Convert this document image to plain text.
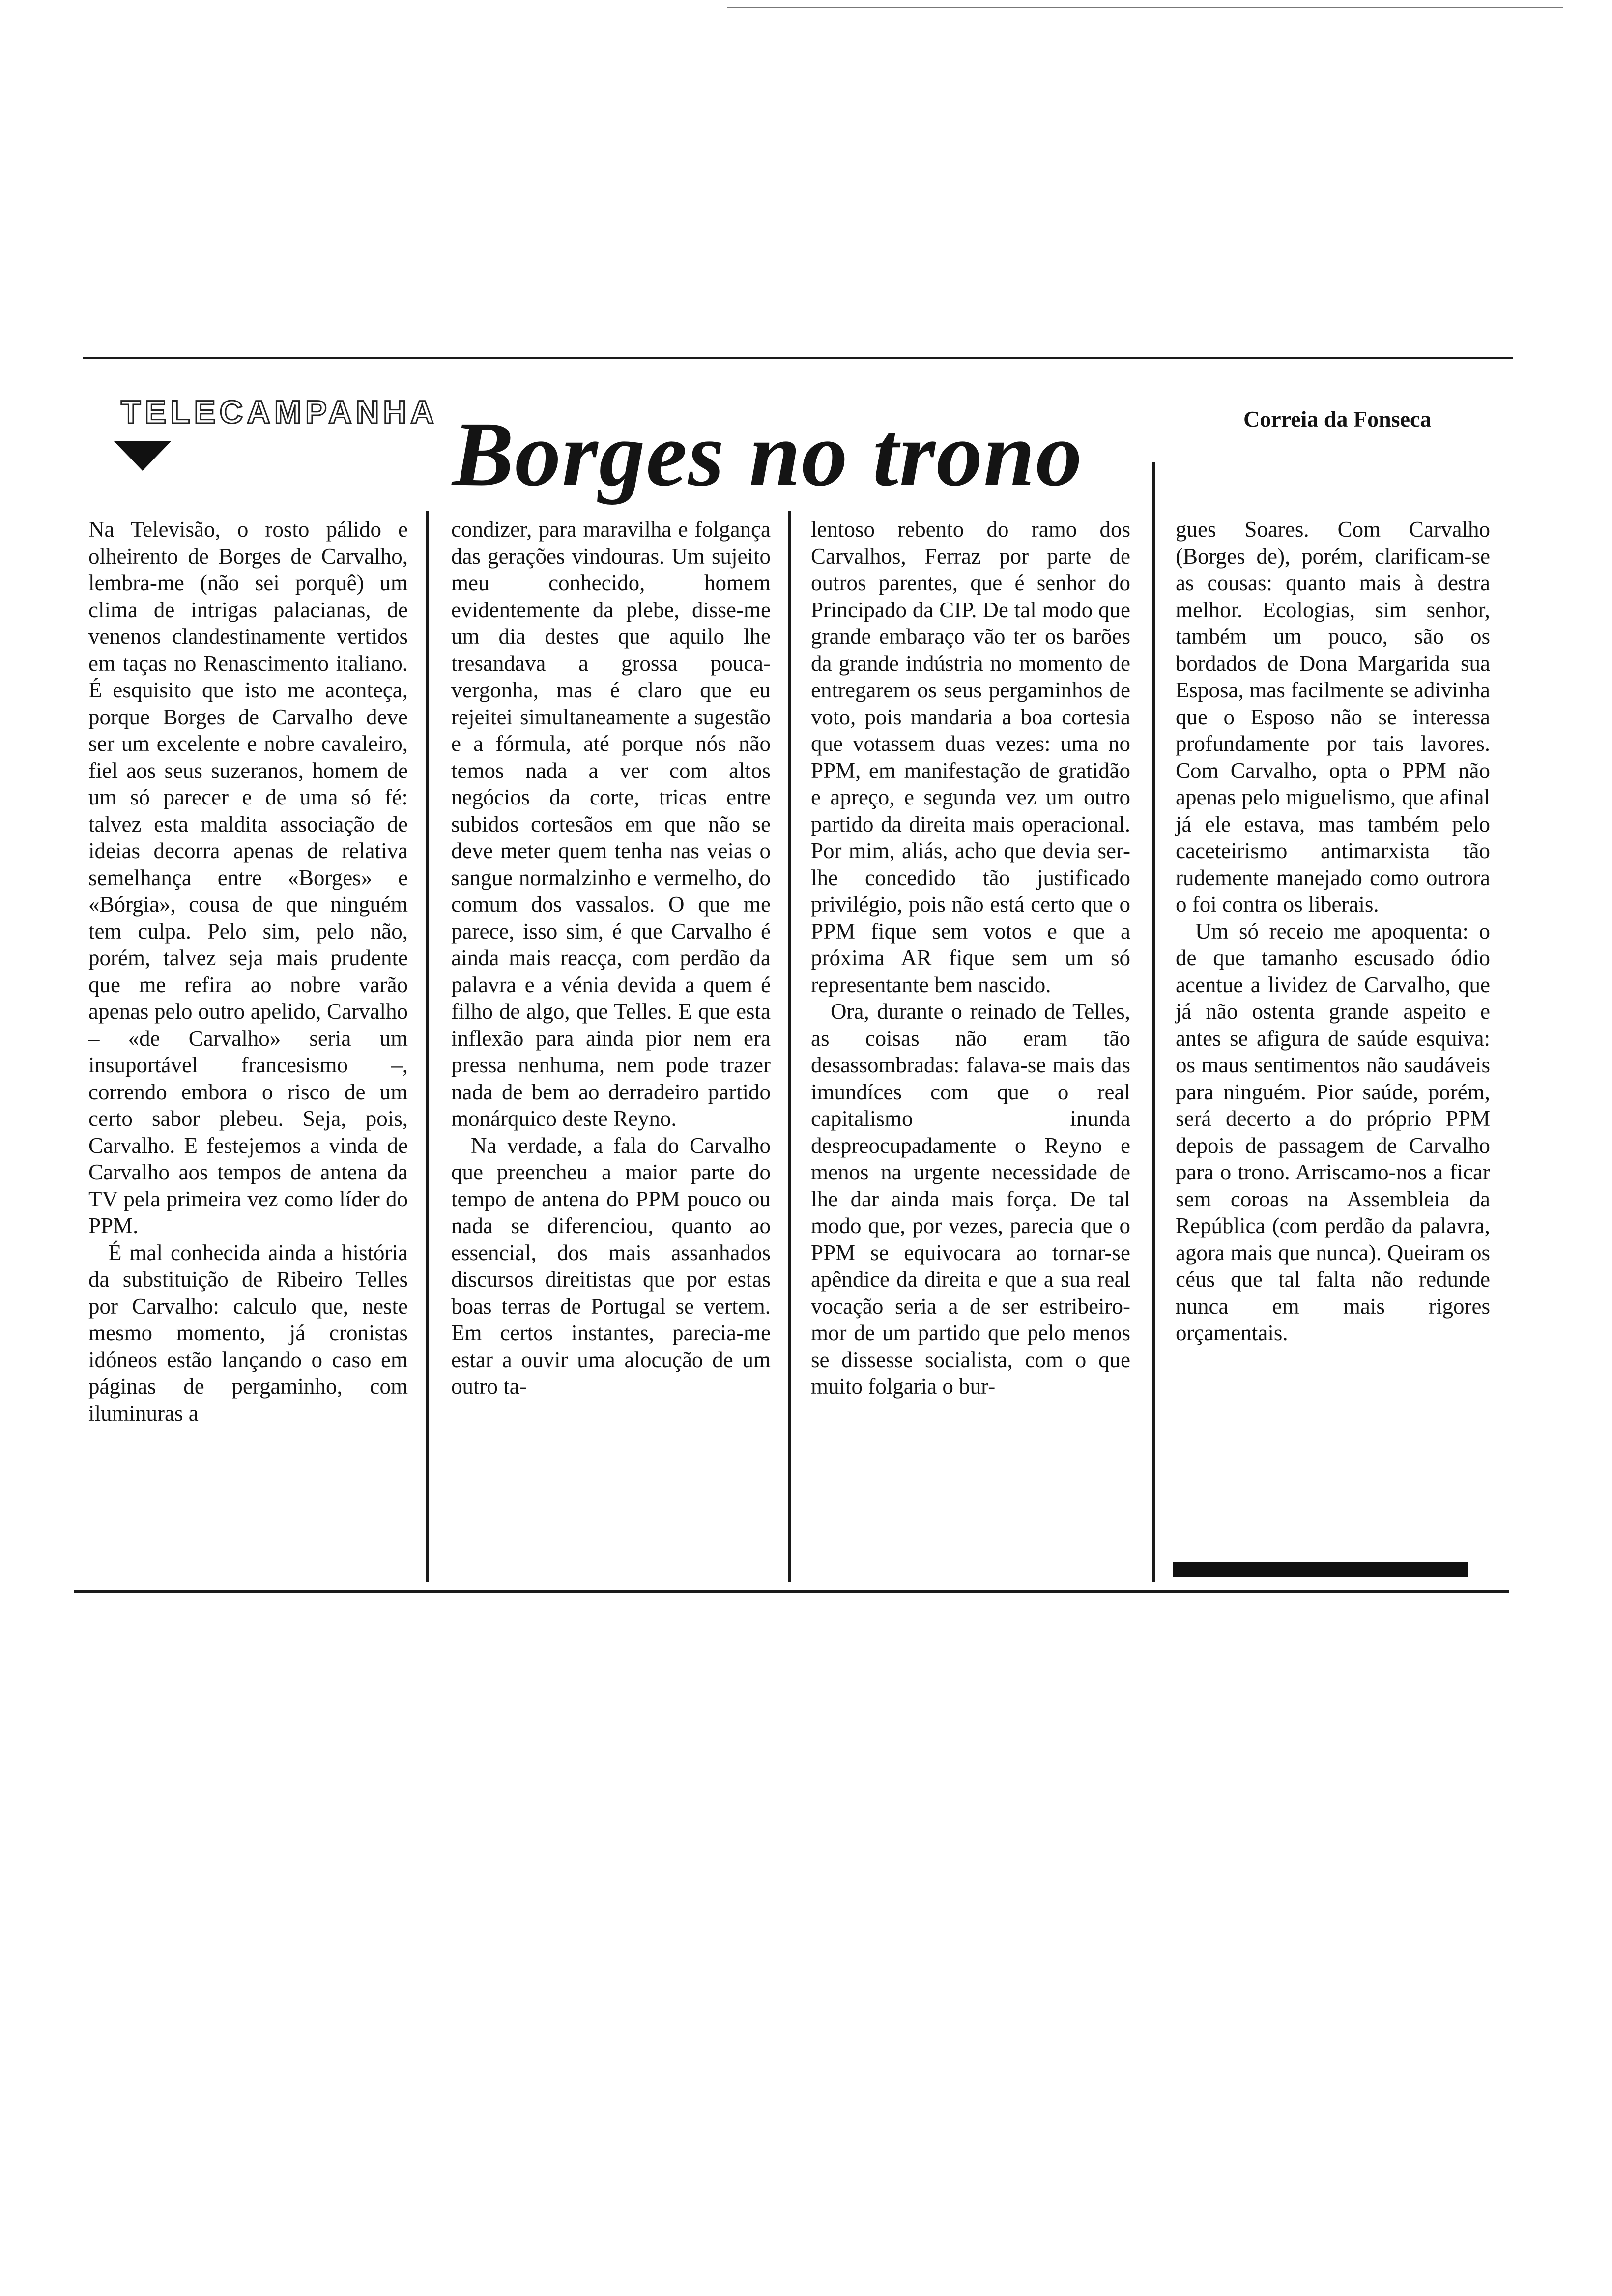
TELECAMPANHA Borges no trono	Correia da Fonseca

Na Televisão, o rosto pálido e olheirento de Borges de Carvalho, lembra-me (não sei porquê) um clima de intrigas palacianas, de venenos clandestinamente vertidos em taças no Renascimento italiano. É esquisito que isto me aconteça, porque Borges de Carvalho deve ser um excelente e nobre cavaleiro, fiel aos seus suzeranos, homem de um só parecer e de uma só fé: talvez esta maldita associação de ideias decorra apenas de relativa semelhança entre «Borges» e «Bórgia», cousa de que ninguém tem culpa. Pelo sim, pelo não, porém, talvez seja mais prudente que me refira ao nobre varão apenas pelo outro apelido, Carvalho – «de Carvalho» seria um insuportável francesismo –, correndo embora o risco de um certo sabor plebeu. Seja, pois, Carvalho. E festejemos a vinda de Carvalho aos tempos de antena da TV pela primeira vez como líder do PPM.

É mal conhecida ainda a história da substituição de Ribeiro Telles por Carvalho: calculo que, neste mesmo momento, já cronistas idóneos estão lançando o caso em páginas de pergaminho, com iluminuras a

condizer, para maravilha e folgança das gerações vindouras. Um sujeito meu conhecido, homem evidentemente da plebe, disse-me um dia destes que aquilo lhe tresandava a grossa pouca-vergonha, mas é claro que eu rejeitei simultaneamente a sugestão e a fórmula, até porque nós não temos nada a ver com altos negócios da corte, tricas entre subidos cortesãos em que não se deve meter quem tenha nas veias o sangue normalzinho e vermelho, do comum dos vassalos. O que me parece, isso sim, é que Carvalho é ainda mais reacça, com perdão da palavra e a vénia devida a quem é filho de algo, que Telles. E que esta inflexão para ainda pior nem era pressa nenhuma, nem pode trazer nada de bem ao derradeiro partido monárquico deste Reyno.

Na verdade, a fala do Carvalho que preencheu a maior parte do tempo de antena do PPM pouco ou nada se diferenciou, quanto ao essencial, dos mais assanhados discursos direitistas que por estas boas terras de Portugal se vertem. Em certos instantes, parecia-me estar a ouvir uma alocução de um outro ta-

lentoso rebento do ramo dos Carvalhos, Ferraz por parte de outros parentes, que é senhor do Principado da CIP. De tal modo que grande embaraço vão ter os barões da grande indústria no momento de entregarem os seus pergaminhos de voto, pois mandaria a boa cortesia que votassem duas vezes: uma no PPM, em manifestação de gratidão e apreço, e segunda vez um outro partido da direita mais operacional. Por mim, aliás, acho que devia ser-lhe concedido tão justificado privilégio, pois não está certo que o PPM fique sem votos e que a próxima AR fique sem um só representante bem nascido.

Ora, durante o reinado de Telles, as coisas não eram tão desassombradas: falava-se mais das imundíces com que o real capitalismo inunda despreocupadamente o Reyno e menos na urgente necessidade de lhe dar ainda mais força. De tal modo que, por vezes, parecia que o PPM se equivocara ao tornar-se apêndice da direita e que a sua real vocação seria a de ser estribeiro-mor de um partido que pelo menos se dissesse socialista, com o que muito folgaria o bur-

gues Soares. Com Carvalho (Borges de), porém, clarificam-se as cousas: quanto mais à destra melhor. Ecologias, sim senhor, também um pouco, são os bordados de Dona Margarida sua Esposa, mas facilmente se adivinha que o Esposo não se interessa profundamente por tais lavores. Com Carvalho, opta o PPM não apenas pelo miguelismo, que afinal já ele estava, mas também pelo caceteirismo antimarxista tão rudemente manejado como outrora o foi contra os liberais.

Um só receio me apoquenta: o de que tamanho escusado ódio acentue a lividez de Carvalho, que já não ostenta grande aspeito e antes se afigura de saúde esquiva: os maus sentimentos não saudáveis para ninguém. Pior saúde, porém, será decerto a do próprio PPM depois de passagem de Carvalho para o trono. Arriscamo-nos a ficar sem coroas na Assembleia da República (com perdão da palavra, agora mais que nunca). Queiram os céus que tal falta não redunde nunca em mais rigores orçamentais.
